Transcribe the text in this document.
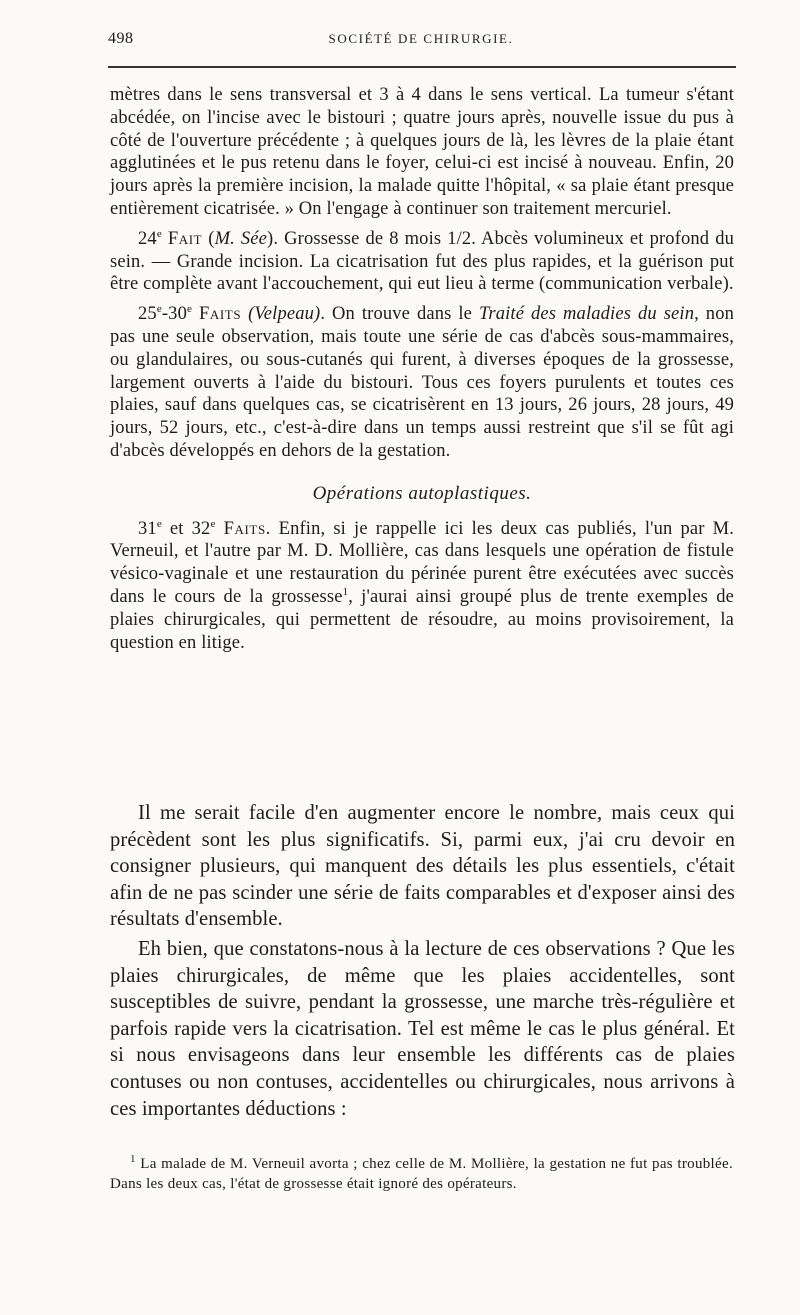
498	SOCIÉTÉ DE CHIRURGIE.

mètres dans le sens transversal et 3 à 4 dans le sens vertical. La tumeur s'étant abcédée, on l'incise avec le bistouri ; quatre jours après, nouvelle issue du pus à côté de l'ouverture précédente ; à quelques jours de là, les lèvres de la plaie étant agglutinées et le pus retenu dans le foyer, celui-ci est incisé à nouveau. Enfin, 20 jours après la première incision, la malade quitte l'hôpital, « sa plaie étant presque entièrement cicatrisée. » On l'engage à continuer son traitement mercuriel.

24e Fait (M. Sée). Grossesse de 8 mois 1/2. Abcès volumineux et profond du sein. — Grande incision. La cicatrisation fut des plus rapides, et la guérison put être complète avant l'accouchement, qui eut lieu à terme (communication verbale).

25e-30e Faits (Velpeau). On trouve dans le Traité des maladies du sein, non pas une seule observation, mais toute une série de cas d'abcès sous-mammaires, ou glandulaires, ou sous-cutanés qui furent, à diverses époques de la grossesse, largement ouverts à l'aide du bistouri. Tous ces foyers purulents et toutes ces plaies, sauf dans quelques cas, se cicatrisèrent en 13 jours, 26 jours, 28 jours, 49 jours, 52 jours, etc., c'est-à-dire dans un temps aussi restreint que s'il se fût agi d'abcès développés en dehors de la gestation.

Opérations autoplastiques.

31e et 32e Faits. Enfin, si je rappelle ici les deux cas publiés, l'un par M. Verneuil, et l'autre par M. D. Mollière, cas dans lesquels une opération de fistule vésico-vaginale et une restauration du périnée purent être exécutées avec succès dans le cours de la grossesse$^1$, j'aurai ainsi groupé plus de trente exemples de plaies chirurgicales, qui permettent de résoudre, au moins provisoirement, la question en litige.

Il me serait facile d'en augmenter encore le nombre, mais ceux qui précèdent sont les plus significatifs. Si, parmi eux, j'ai cru devoir en consigner plusieurs, qui manquent des détails les plus essentiels, c'était afin de ne pas scinder une série de faits comparables et d'exposer ainsi des résultats d'ensemble.

Eh bien, que constatons-nous à la lecture de ces observations ? Que les plaies chirurgicales, de même que les plaies accidentelles, sont susceptibles de suivre, pendant la grossesse, une marche très-régulière et parfois rapide vers la cicatrisation. Tel est même le cas le plus général. Et si nous envisageons dans leur ensemble les différents cas de plaies contuses ou non contuses, accidentelles ou chirurgicales, nous arrivons à ces importantes déductions :

$^1$ La malade de M. Verneuil avorta ; chez celle de M. Mollière, la gestation ne fut pas troublée. Dans les deux cas, l'état de grossesse était ignoré des opérateurs.
